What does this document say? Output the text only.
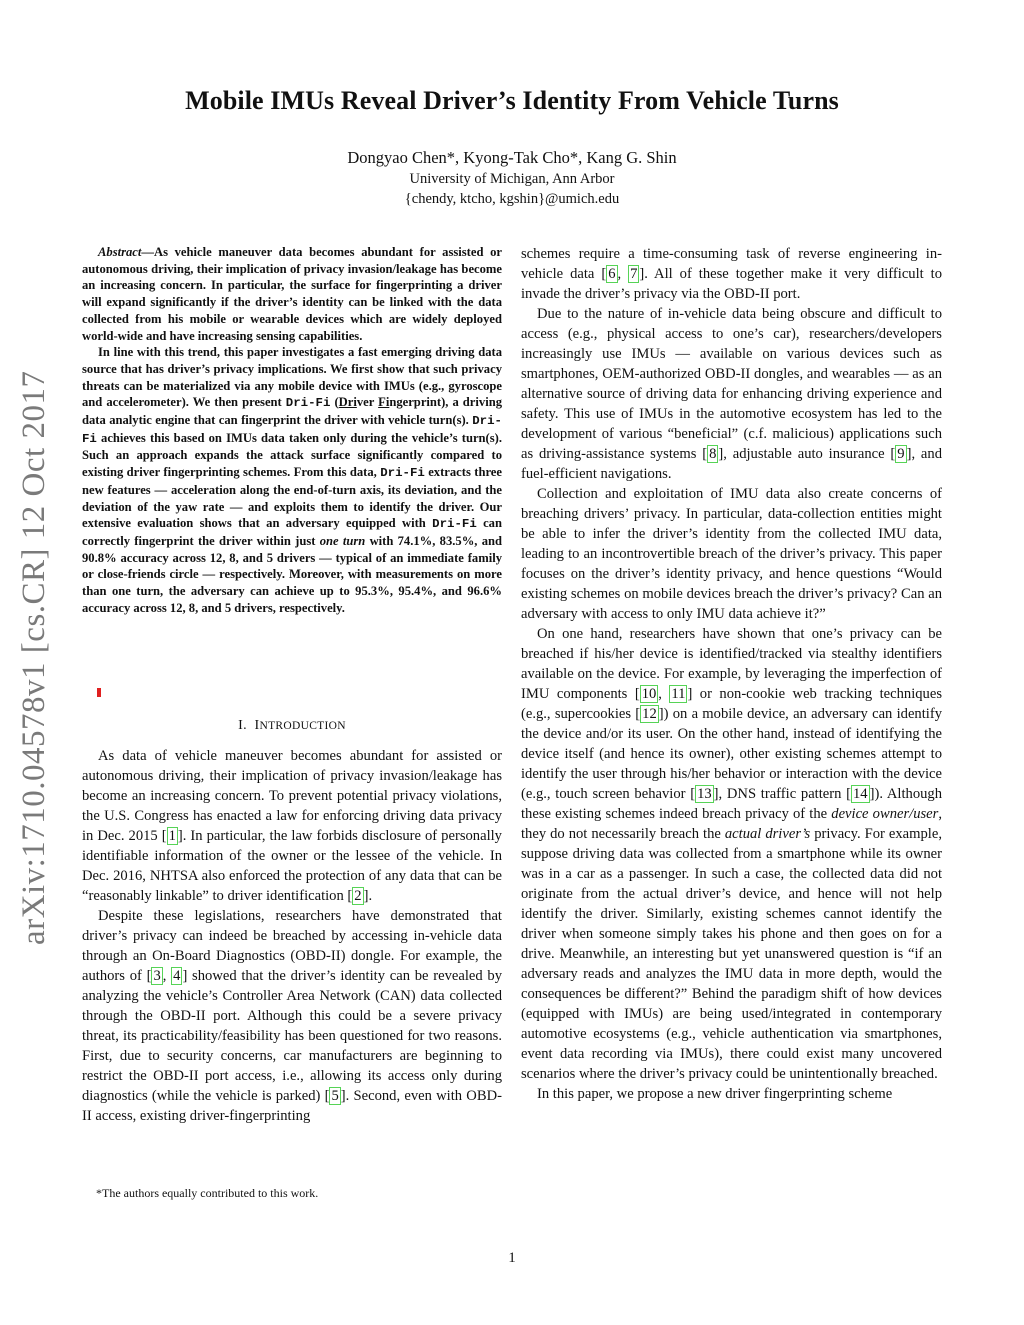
Mobile IMUs Reveal Driver’s Identity From Vehicle Turns
Dongyao Chen*, Kyong-Tak Cho*, Kang G. Shin
University of Michigan, Ann Arbor
{chendy, ktcho, kgshin}@umich.edu
arXiv:1710.04578v1 [cs.CR] 12 Oct 2017

Abstract—As vehicle maneuver data becomes abundant for assisted or autonomous driving, their implication of privacy invasion/leakage has become an increasing concern. In particular, the surface for fingerprinting a driver will expand significantly if the driver’s identity can be linked with the data collected from his mobile or wearable devices which are widely deployed world-wide and have increasing sensing capabilities.

In line with this trend, this paper investigates a fast emerging driving data source that has driver’s privacy implications. We first show that such privacy threats can be materialized via any mobile device with IMUs (e.g., gyroscope and accelerometer). We then present Dri-Fi (Driver Fingerprint), a driving data analytic engine that can fingerprint the driver with vehicle turn(s). Dri-Fi achieves this based on IMUs data taken only during the vehicle’s turn(s). Such an approach expands the attack surface significantly compared to existing driver fingerprinting schemes. From this data, Dri-Fi extracts three new features — acceleration along the end-of-turn axis, its deviation, and the deviation of the yaw rate — and exploits them to identify the driver. Our extensive evaluation shows that an adversary equipped with Dri-Fi can correctly fingerprint the driver within just one turn with 74.1%, 83.5%, and 90.8% accuracy across 12, 8, and 5 drivers — typical of an immediate family or close-friends circle — respectively. Moreover, with measurements on more than one turn, the adversary can achieve up to 95.3%, 95.4%, and 96.6% accuracy across 12, 8, and 5 drivers, respectively.

I. INTRODUCTION

As data of vehicle maneuver becomes abundant for assisted or autonomous driving, their implication of privacy invasion/leakage has become an increasing concern. To prevent potential privacy violations, the U.S. Congress has enacted a law for enforcing driving data privacy in Dec. 2015 [ 1 ]. In particular, the law forbids disclosure of personally identifiable information of the owner or the lessee of the vehicle. In Dec. 2016, NHTSA also enforced the protection of any data that can be “reasonably linkable” to driver identification [ 2 ].

Despite these legislations, researchers have demonstrated that driver’s privacy can indeed be breached by accessing in-vehicle data through an On-Board Diagnostics (OBD-II) dongle. For example, the authors of [ 3 , 4 ] showed that the driver’s identity can be revealed by analyzing the vehicle’s Controller Area Network (CAN) data collected through the OBD-II port. Although this could be a severe privacy threat, its practicability/feasibility has been questioned for two reasons. First, due to security concerns, car manufacturers are beginning to restrict the OBD-II port access, i.e., allowing its access only during diagnostics (while the vehicle is parked) [ 5 ]. Second, even with OBD-II access, existing driver-fingerprinting

schemes require a time-consuming task of reverse engineering in-vehicle data [ 6 , 7 ]. All of these together make it very difficult to invade the driver’s privacy via the OBD-II port.

Due to the nature of in-vehicle data being obscure and difficult to access (e.g., physical access to one’s car), researchers/developers increasingly use IMUs — available on various devices such as smartphones, OEM-authorized OBD-II dongles, and wearables — as an alternative source of driving data for enhancing driving experience and safety. This use of IMUs in the automotive ecosystem has led to the development of various “beneficial” (c.f. malicious) applications such as driving-assistance systems [ 8 ], adjustable auto insurance [ 9 ], and fuel-efficient navigations.

Collection and exploitation of IMU data also create concerns of breaching drivers’ privacy. In particular, data-collection entities might be able to infer the driver’s identity from the collected IMU data, leading to an incontrovertible breach of the driver’s privacy. This paper focuses on the driver’s identity privacy, and hence questions “Would existing schemes on mobile devices breach the driver’s privacy? Can an adversary with access to only IMU data achieve it?”

On one hand, researchers have shown that one’s privacy can be breached if his/her device is identified/tracked via stealthy identifiers available on the device. For example, by leveraging the imperfection of IMU components [ 10 , 11 ] or non-cookie web tracking techniques (e.g., supercookies [ 12 ]) on a mobile device, an adversary can identify the device and/or its user. On the other hand, instead of identifying the device itself (and hence its owner), other existing schemes attempt to identify the user through his/her behavior or interaction with the device (e.g., touch screen behavior [ 13 ], DNS traffic pattern [ 14 ]). Although these existing schemes indeed breach privacy of the device owner/user, they do not necessarily breach the actual driver’s privacy. For example, suppose driving data was collected from a smartphone while its owner was in a car as a passenger. In such a case, the collected data did not originate from the actual driver’s device, and hence will not help identify the driver. Similarly, existing schemes cannot identify the driver when someone simply takes his phone and then goes on for a drive. Meanwhile, an interesting but yet unanswered question is “if an adversary reads and analyzes the IMU data in more depth, would the consequences be different?” Behind the paradigm shift of how devices (equipped with IMUs) are being used/integrated in contemporary automotive ecosystems (e.g., vehicle authentication via smartphones, event data recording via IMUs), there could exist many uncovered scenarios where the driver’s privacy could be unintentionally breached.

In this paper, we propose a new driver fingerprinting scheme

*The authors equally contributed to this work.
1
